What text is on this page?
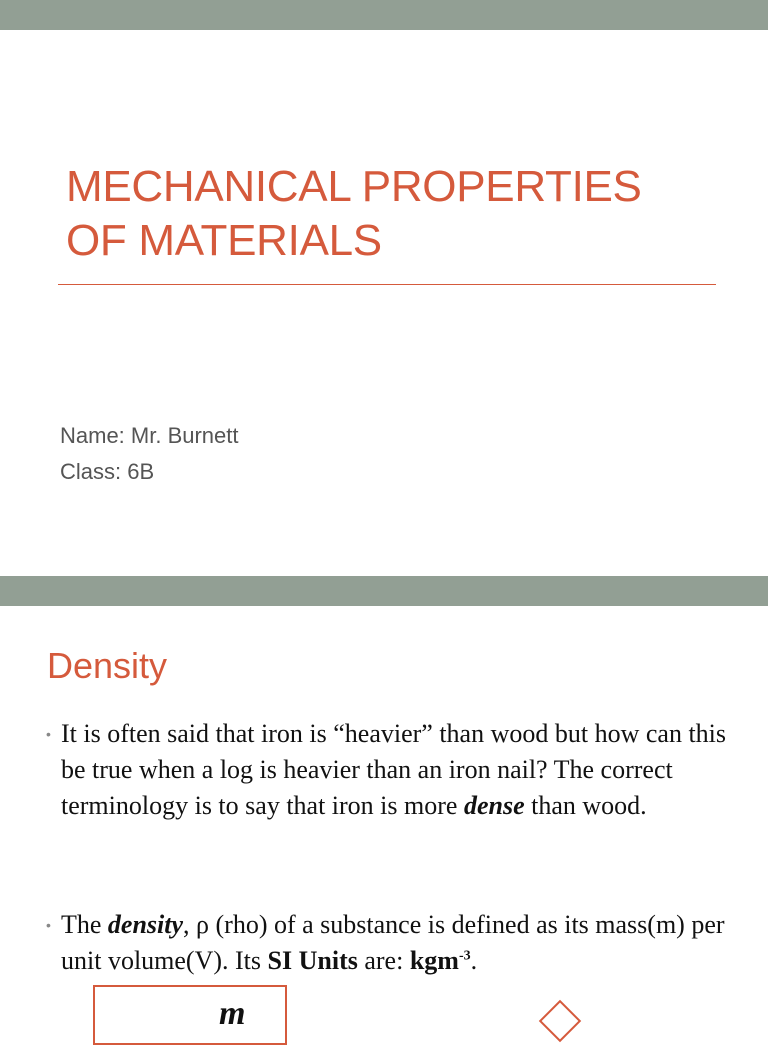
MECHANICAL PROPERTIES
OF MATERIALS
Name: Mr. Burnett
Class: 6B
Density
• It is often said that iron is “heavier” than wood but how can this be true when a log is heavier than an iron nail? The correct terminology is to say that iron is more dense than wood.
• The density, ρ (rho) of a substance is defined as its mass(m) per unit volume(V). Its SI Units are: kgm$^{-3}$.
m
